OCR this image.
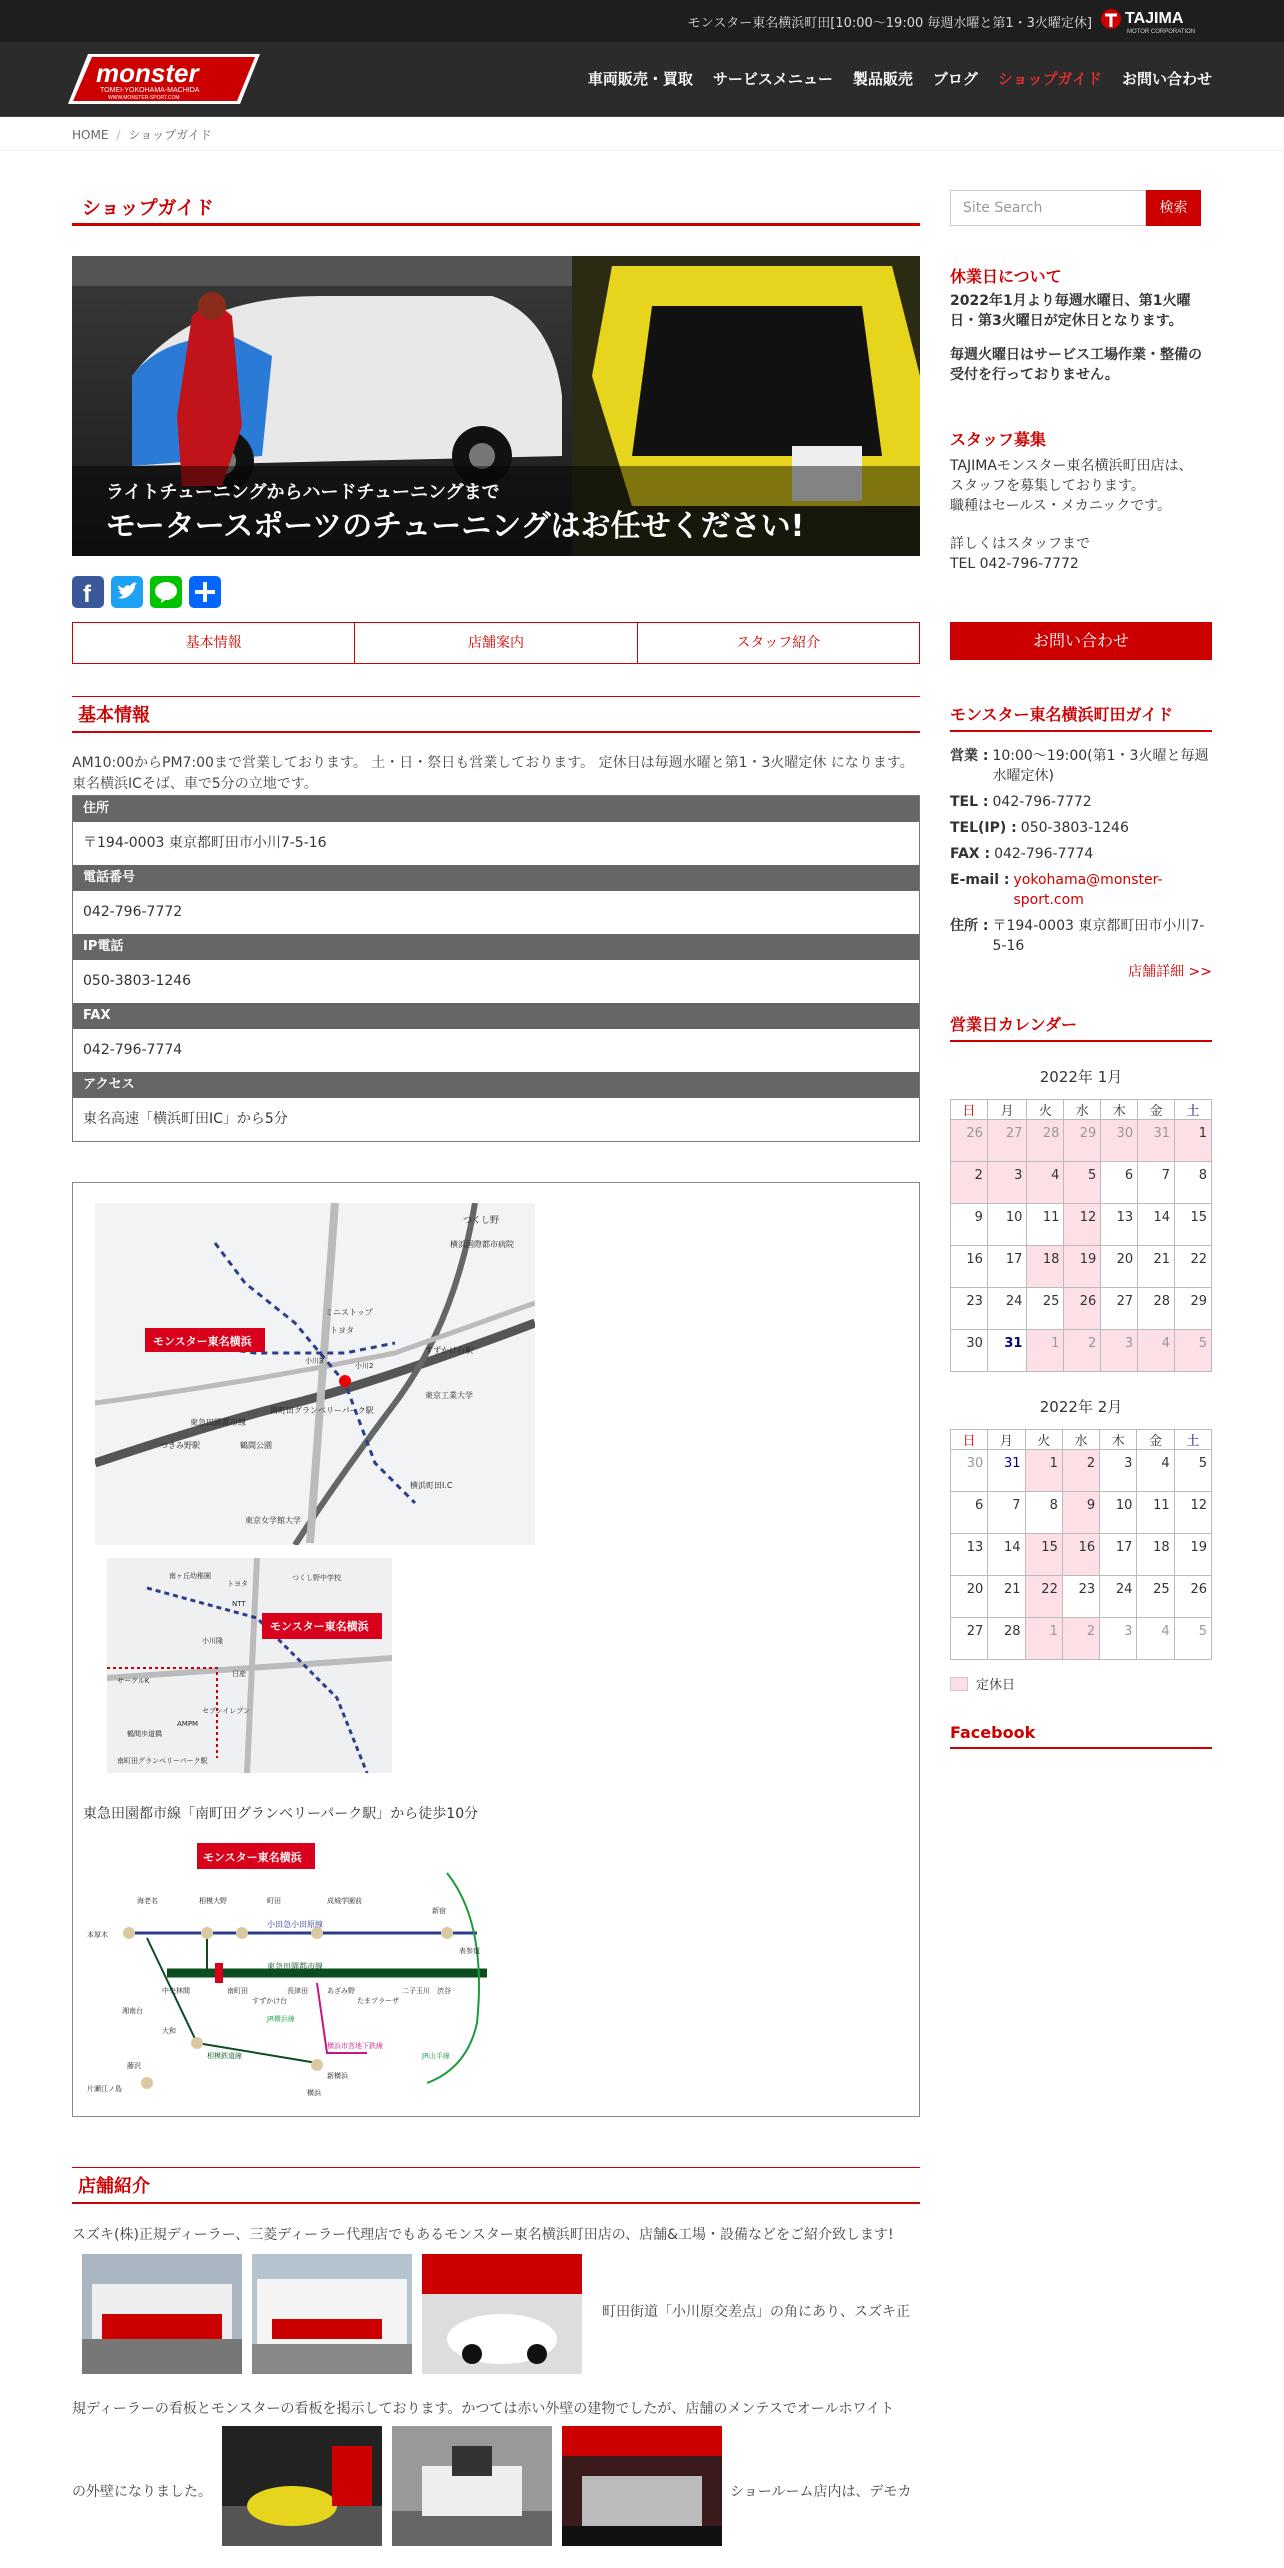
モンスター東名横浜町田[10:00〜19:00 毎週水曜と第1・3火曜定休] TAJIMA
MOTOR CORPORATION
monster
TOMEI-YOKOHAMA-MACHIDA
WWW.MONSTER-SPORT.COM
車両販売・買取 サービスメニュー 製品販売 ブログ ショップガイド お問い合わせ
HOME / ショップガイド
ショップガイド
ライトチューニングからハードチューニングまで
モータースポーツのチューニングはお任せください!
f
基本情報	店舗案内	スタッフ紹介
基本情報
AM10:00からPM7:00まで営業しております。 土・日・祭日も営業しております。 定休日は毎週水曜と第1・3火曜定休 になります。東名横浜ICそば、車で5分の立地です。
住所
〒194-0003 東京都町田市小川7-5-16
電話番号
042-796-7772
IP電話
050-3803-1246
FAX
042-796-7774
アクセス
東名高速「横浜町田IC」から5分
モンスター東名横浜
つくし野
横浜国際都市病院
ミニストップ
トヨタ
すずかけ台駅
東京工業大学
南町田グランベリーパーク駅
東急田園都市線
つきみ野駅
横浜町田I.C
東京女学館大学
鶴間公園
小川3
小川2
モンスター東名横浜
南ヶ丘幼稚園
トヨタ
つくし野中学校
NTT
小川隆
日産
サークルK
セブンイレブン
AMPM
鶴間歩道橋
南町田グランベリーパーク駅
東急田園都市線「南町田グランベリーパーク駅」から徒歩10分
モンスター東名横浜
小田急小田原線
東急田園都市線
JR横浜線
横浜市営地下鉄線
相模鉄道線	JR山手線
海老名	相模大野	町田	成城学園前
新宿
中央林間	南町田
すずかけ台
長津田	あざみ野
たまプラーザ
二子玉川 渋谷
大和
湘南台
藤沢
片瀬江ノ島
本厚木
新横浜
横浜
表参道
店舗紹介
スズキ(株)正規ディーラー、三菱ディーラー代理店でもあるモンスター東名横浜町田店の、店舗&工場・設備などをご紹介致します!
町田街道「小川原交差点」の角にあり、スズキ正
規ディーラーの看板とモンスターの看板を掲示しております。かつては赤い外壁の建物でしたが、店舗のメンテスでオールホワイト
の外壁になりました。	ショールーム店内は、デモカ
Site Search	検索
休業日について
2022年1月より毎週水曜日、第1火曜日・第3火曜日が定休日となります。
毎週火曜日はサービス工場作業・整備の受付を行っておりません。
スタッフ募集
TAJIMAモンスター東名横浜町田店は、
スタッフを募集しております。
職種はセールス・メカニックです。
詳しくはスタッフまで
TEL 042-796-7772
お問い合わせ
モンスター東名横浜町田ガイド
営業 : 10:00～19:00(第1・3火曜と毎週水曜定休)
TEL : 042-796-7772
TEL(IP) : 050-3803-1246
FAX : 042-796-7774
E-mail : yokohama@monster-sport.com
住所 : 〒194-0003 東京都町田市小川7-5-16
店舗詳細 >>
営業日カレンダー
2022年 1月
日	月	火	水	木	金	土
26	27	28	29	30	31	1
2	3	4	5	6	7	8
9	10	11	12	13	14	15
16	17	18	19	20	21	22
23	24	25	26	27	28	29
30	31	1	2	3	4	5
2022年 2月
日	月	火	水	木	金	土
30	31	1	2	3	4	5
6	7	8	9	10	11	12
13	14	15	16	17	18	19
20	21	22	23	24	25	26
27	28	1	2	3	4	5
定休日
Facebook
